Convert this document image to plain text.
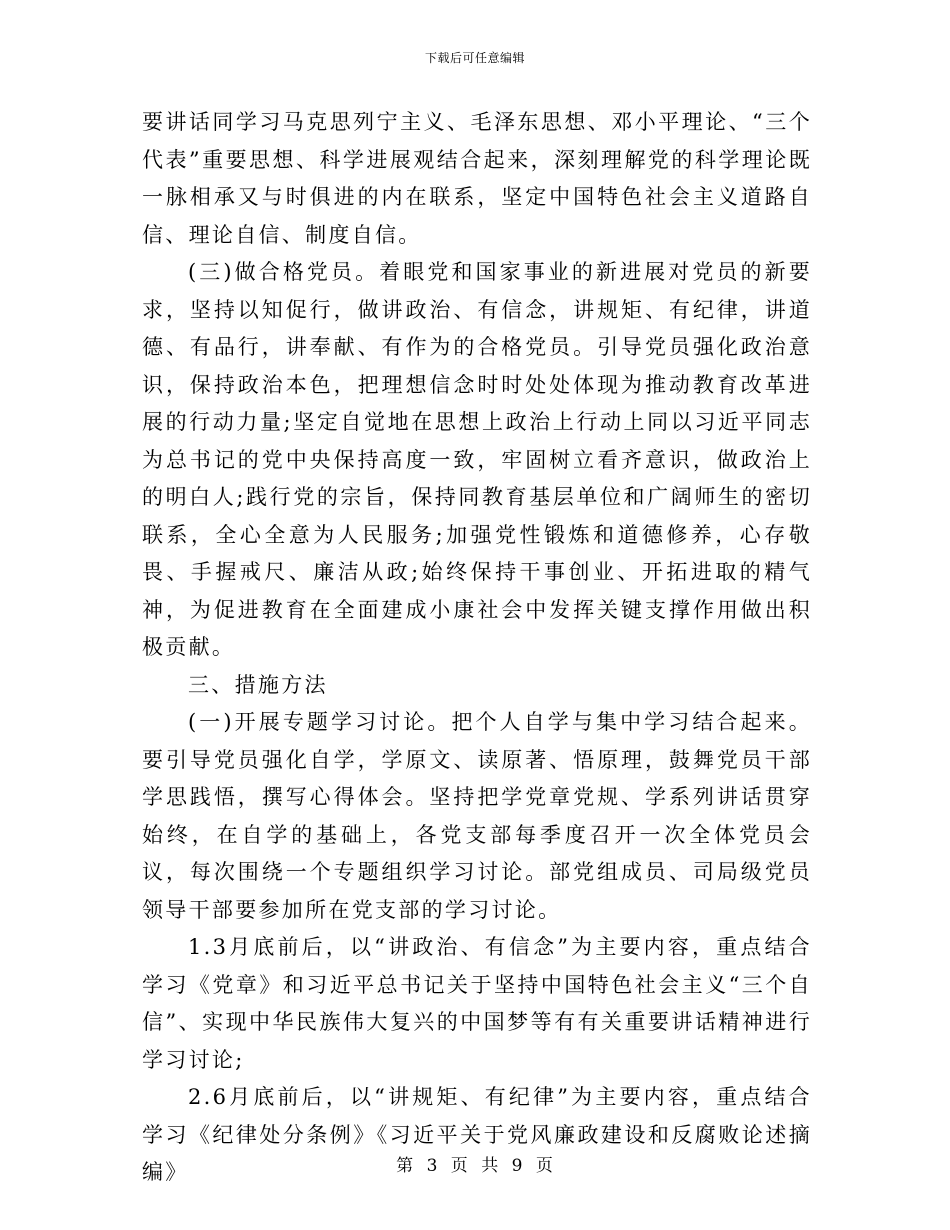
下载后可任意编辑

要讲话同学习马克思列宁主义、毛泽东思想、邓小平理论、“三个代表”重要思想、科学进展观结合起来，深刻理解党的科学理论既一脉相承又与时俱进的内在联系，坚定中国特色社会主义道路自信、理论自信、制度自信。

(三)做合格党员。着眼党和国家事业的新进展对党员的新要求，坚持以知促行，做讲政治、有信念，讲规矩、有纪律，讲道德、有品行，讲奉献、有作为的合格党员。引导党员强化政治意识，保持政治本色，把理想信念时时处处体现为推动教育改革进展的行动力量;坚定自觉地在思想上政治上行动上同以习近平同志为总书记的党中央保持高度一致，牢固树立看齐意识，做政治上的明白人;践行党的宗旨，保持同教育基层单位和广阔师生的密切联系，全心全意为人民服务;加强党性锻炼和道德修养，心存敬畏、手握戒尺、廉洁从政;始终保持干事创业、开拓进取的精气神，为促进教育在全面建成小康社会中发挥关键支撑作用做出积极贡献。

三、措施方法

(一)开展专题学习讨论。把个人自学与集中学习结合起来。要引导党员强化自学，学原文、读原著、悟原理，鼓舞党员干部学思践悟，撰写心得体会。坚持把学党章党规、学系列讲话贯穿始终，在自学的基础上，各党支部每季度召开一次全体党员会议，每次围绕一个专题组织学习讨论。部党组成员、司局级党员领导干部要参加所在党支部的学习讨论。

1.3月底前后，以“讲政治、有信念”为主要内容，重点结合学习《党章》和习近平总书记关于坚持中国特色社会主义“三个自信”、实现中华民族伟大复兴的中国梦等有有关重要讲话精神进行学习讨论;

2.6月底前后，以“讲规矩、有纪律”为主要内容，重点结合学习《纪律处分条例》《习近平关于党风廉政建设和反腐败论述摘编》	第 3 页 共 9 页
